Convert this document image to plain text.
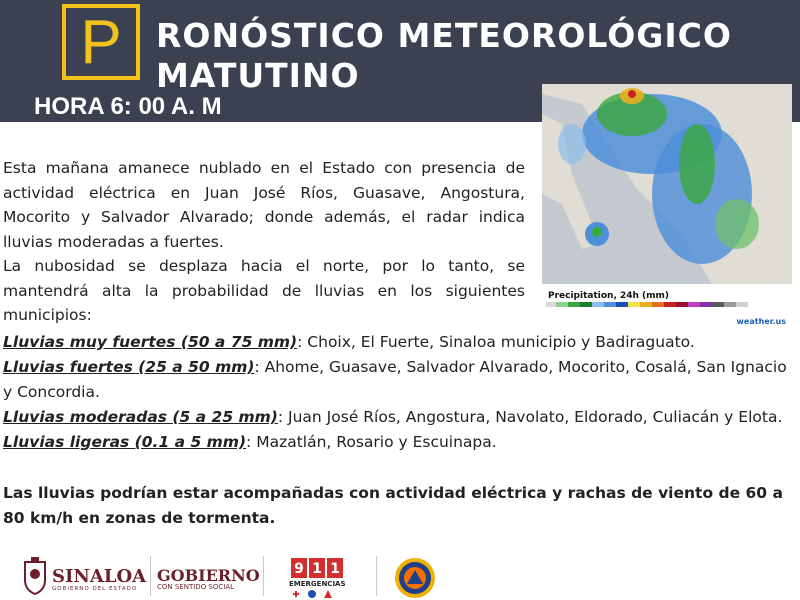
P	RONÓSTICO METEOROLÓGICO
MATUTINO
HORA 6: 00 A. M
Precipitation, 24h (mm)
weather.us

Esta mañana amanece nublado en el Estado con presencia de actividad eléctrica en Juan José Ríos, Guasave, Angostura, Mocorito y Salvador Alvarado; donde además, el radar indica lluvias moderadas a fuertes.

La nubosidad se desplaza hacia el norte, por lo tanto, se mantendrá alta la probabilidad de lluvias en los siguientes municipios:

Lluvias muy fuertes (50 a 75 mm): Choix, El Fuerte, Sinaloa municipio y Badiraguato.

Lluvias fuertes (25 a 50 mm): Ahome, Guasave, Salvador Alvarado, Mocorito, Cosalá, San Ignacio y Concordia.

Lluvias moderadas (5 a 25 mm): Juan José Ríos, Angostura, Navolato, Eldorado, Culiacán y Elota.

Lluvias ligeras (0.1 a 5 mm): Mazatlán, Rosario y Escuinapa.

Las lluvias podrían estar acompañadas con actividad eléctrica y rachas de viento de 60 a 80 km/h en zonas de tormenta.
SINALOA
GOBIERNO DEL ESTADO
GOBIERNO
CON SENTIDO SOCIAL
9 1 1
EMERGENCIAS
